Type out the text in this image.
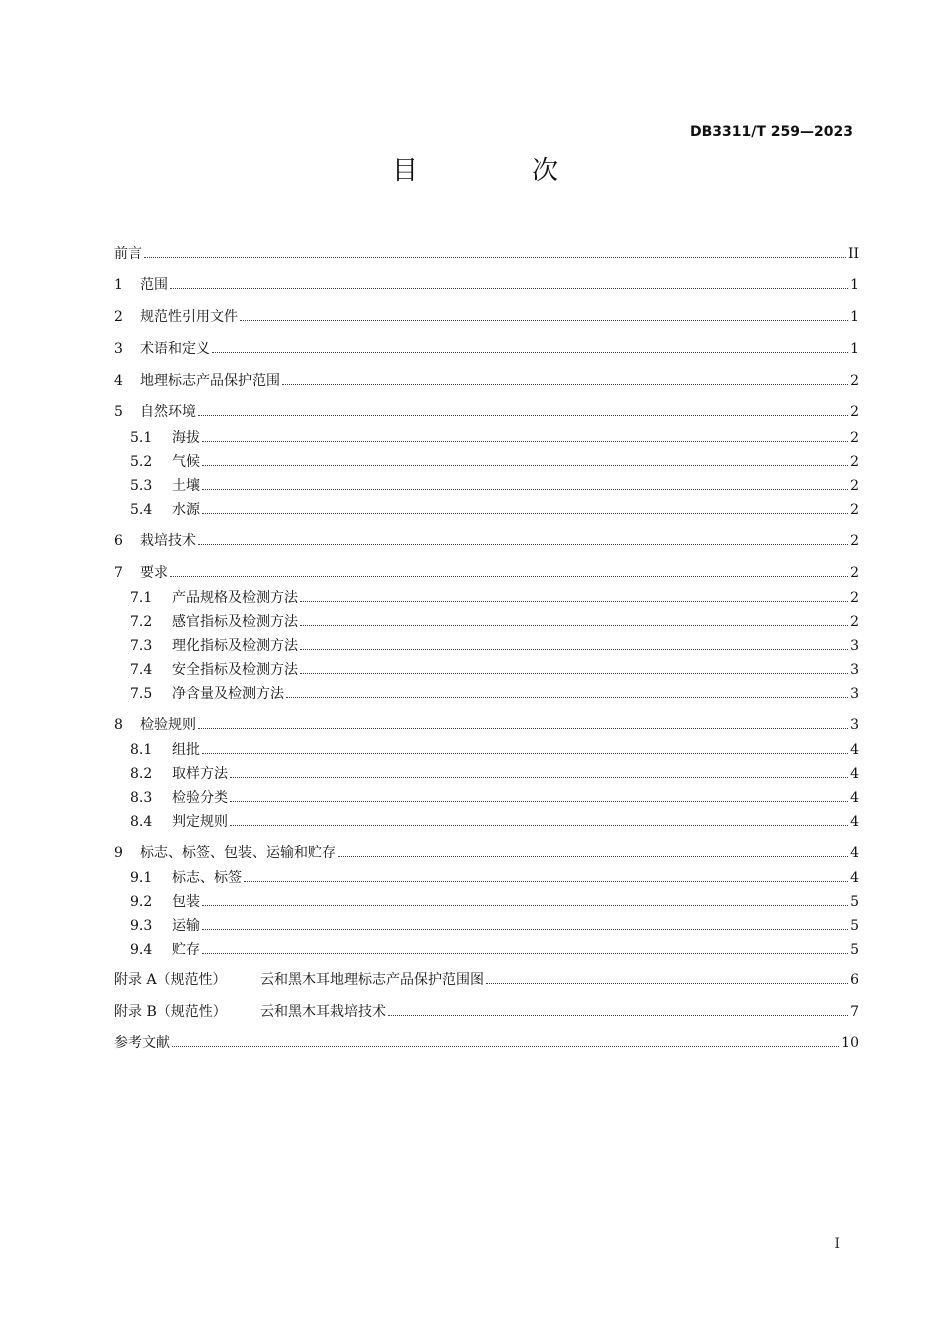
DB3311/T 259—2023
目　次
前言	II
1	范围	1
2	规范性引用文件	1
3	术语和定义	1
4	地理标志产品保护范围	2
5	自然环境	2
5.1	海拔	2
5.2	气候	2
5.3	土壤	2
5.4	水源	2
6	栽培技术	2
7	要求	2
7.1	产品规格及检测方法	2
7.2	感官指标及检测方法	2
7.3	理化指标及检测方法	3
7.4	安全指标及检测方法	3
7.5	净含量及检测方法	3
8	检验规则	3
8.1	组批	4
8.2	取样方法	4
8.3	检验分类	4
8.4	判定规则	4
9	标志、标签、包装、运输和贮存	4
9.1	标志、标签	4
9.2	包装	5
9.3	运输	5
9.4	贮存	5
附录 A（规范性）	云和黑木耳地理标志产品保护范围图	6
附录 B（规范性）	云和黑木耳栽培技术	7
参考文献	10
I
